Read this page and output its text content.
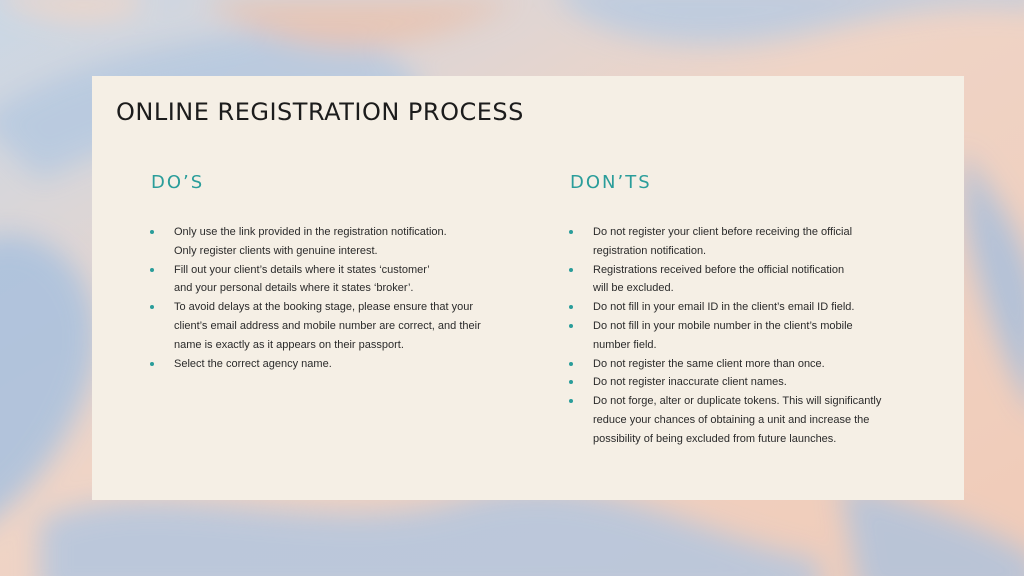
ONLINE REGISTRATION PROCESS
DO’S
Only use the link provided in the registration notification.
Only register clients with genuine interest.
Fill out your client’s details where it states ‘customer’
and your personal details where it states ‘broker’.
To avoid delays at the booking stage, please ensure that your
client’s email address and mobile number are correct, and their
name is exactly as it appears on their passport.
Select the correct agency name.
DON’TS
Do not register your client before receiving the official
registration notification.
Registrations received before the official notification
will be excluded.
Do not fill in your email ID in the client’s email ID field.
Do not fill in your mobile number in the client’s mobile
number field.
Do not register the same client more than once.
Do not register inaccurate client names.
Do not forge, alter or duplicate tokens. This will significantly
reduce your chances of obtaining a unit and increase the
possibility of being excluded from future launches.
